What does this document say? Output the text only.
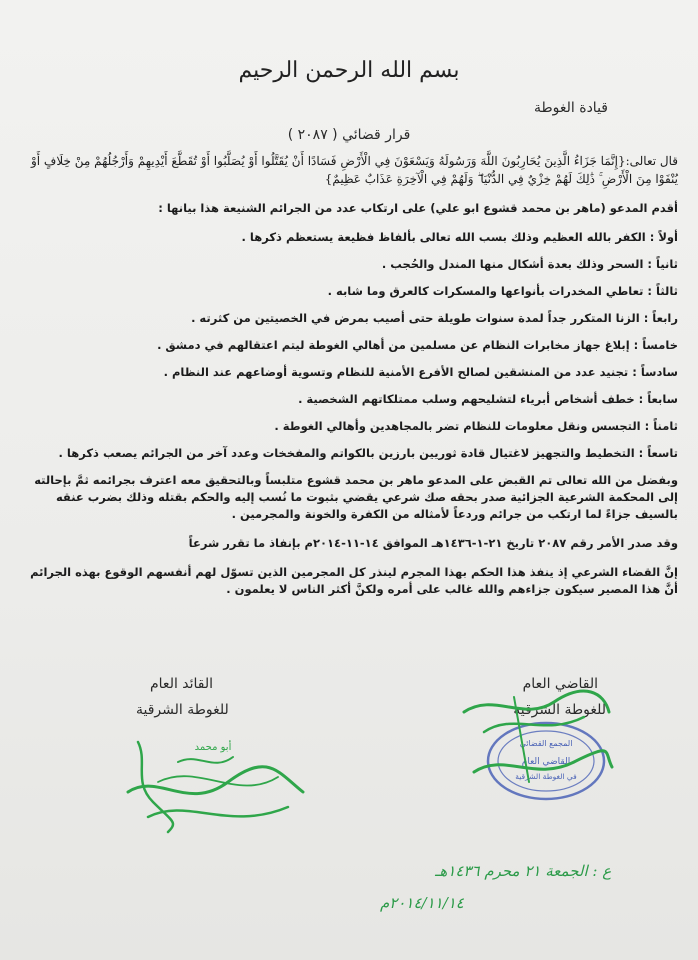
بسم الله الرحمن الرحيم
قيادة الغوطة
قرار قضائي ( ٢٠٨٧ )

قال تعالى:{إِنَّمَا جَزَاءُ الَّذِينَ يُحَارِبُونَ اللَّهَ وَرَسُولَهُ وَيَسْعَوْنَ فِي الْأَرْضِ فَسَادًا أَنْ يُقَتَّلُوا أَوْ يُصَلَّبُوا أَوْ تُقَطَّعَ أَيْدِيهِمْ وَأَرْجُلُهُمْ مِنْ خِلَافٍ أَوْ يُنْفَوْا مِنَ الْأَرْضِ ۚ ذَٰلِكَ لَهُمْ خِزْيٌ فِي الدُّنْيَا ۖ وَلَهُمْ فِي الْآخِرَةِ عَذَابٌ عَظِيمٌ}

أقدم المدعو (ماهر بن محمد قشوع ابو علي) على ارتكاب عدد من الجرائم الشنيعة هذا بيانها :

أولاً : الكفر بالله العظيم وذلك بسب الله تعالى بألفاظ فظيعة يستعظم ذكرها .

ثانياً : السحر وذلك بعدة أشكال منها المندل والحُجب .

ثالثاً : تعاطي المخدرات بأنواعها والمسكرات كالعرق وما شابه .

رابعاً : الزنا المتكرر جداً لمدة سنوات طويلة حتى أصيب بمرض في الخصيتين من كثرته .

خامساً : إبلاغ جهاز مخابرات النظام عن مسلمين من أهالي الغوطة ليتم اعتقالهم في دمشق .

سادساً : تجنيد عدد من المنشقين لصالح الأفرع الأمنية للنظام وتسوية أوضاعهم عند النظام .

سابعاً : خطف أشخاص أبرياء لتشليحهم وسلب ممتلكاتهم الشخصية .

ثامناً : التجسس ونقل معلومات للنظام تضر بالمجاهدين وأهالي الغوطة .

تاسعاً : التخطيط والتجهيز لاغتيال قادة ثوريين بارزين بالكواتم والمفخخات وعدد آخر من الجرائم يصعب ذكرها .

وبفضل من الله تعالى تم القبض على المدعو ماهر بن محمد قشوع متلبساً وبالتحقيق معه اعترف بجرائمه ثمَّ بإحالته إلى المحكمة الشرعية الجزائية صدر بحقه صك شرعي يقضي بثبوت ما نُسب إليه والحكم بقتله وذلك بضرب عنقه بالسيف جزاءً لما ارتكب من جرائم وردعاً لأمثاله من الكفرة والخونة والمجرمين .

وقد صدر الأمر رقم ٢٠٨٧ تاريخ ٢١-١-١٤٣٦هـ الموافق ١٤-١١-٢٠١٤م بإنفاذ ما تقرر شرعاً

إنَّ القضاء الشرعي إذ ينفذ هذا الحكم بهذا المجرم لينذر كل المجرمين الذين تسوّل لهم أنفسهم الوقوع بهذه الجرائم أنَّ هذا المصير سيكون جزاءهم والله غالب على أمره ولكنَّ أكثر الناس لا يعلمون .

القاضي العام
للغوطة الشرقية
القائد العام
للغوطة الشرقية
المجمع القضائي
القاضي العام
في الغوطة الشرقية
أبو محمد
ع : الجمعة ٢١ محرم ١٤٣٦هـ
٢٠١٤/١١/١٤م
